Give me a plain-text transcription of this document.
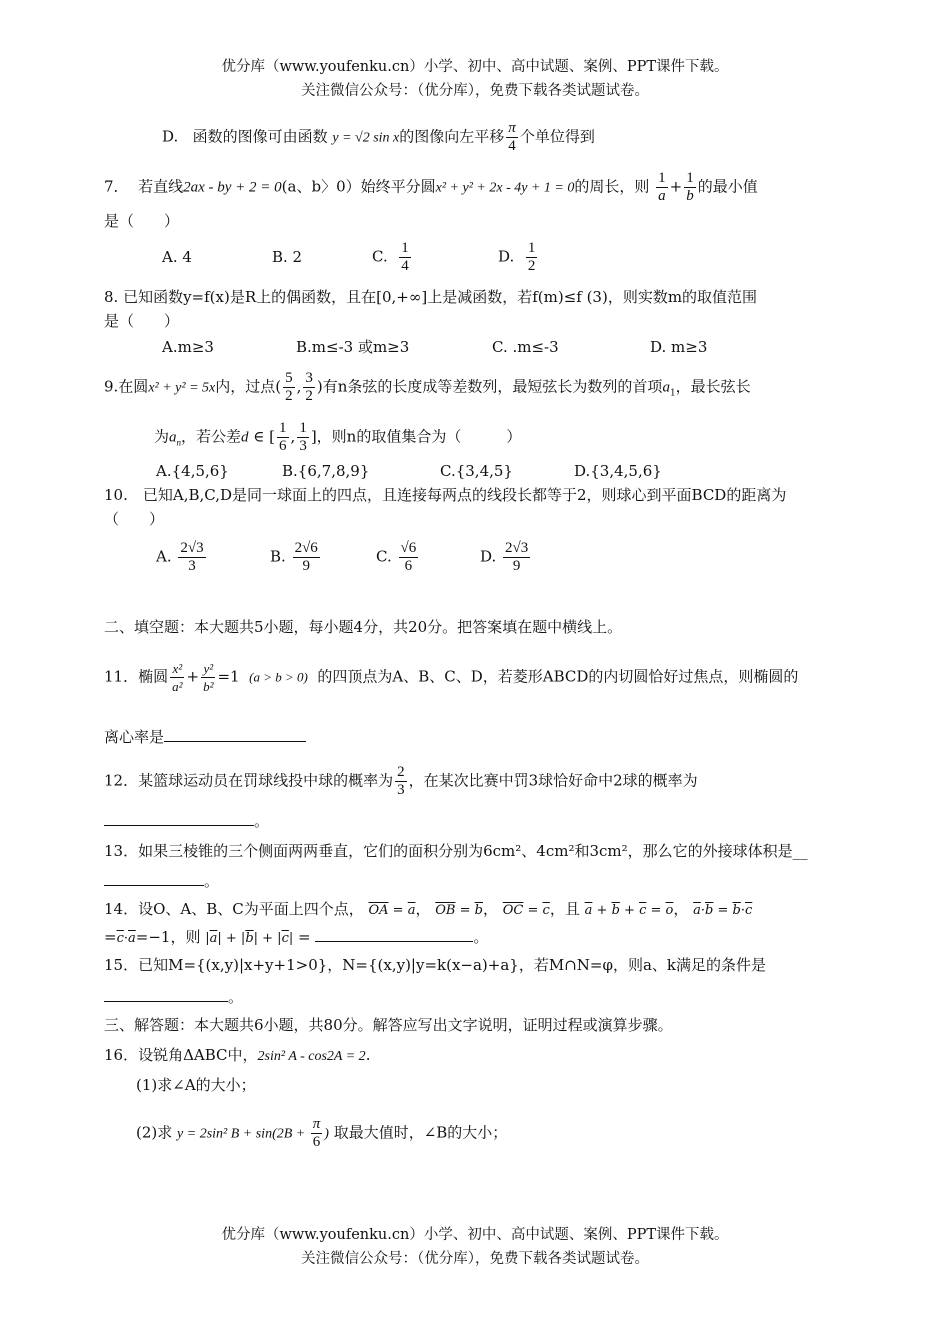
优分库（www.youfenku.cn）小学、初中、高中试题、案例、PPT课件下载。
关注微信公众号：（优分库），免费下载各类试题试卷。
D. 函数的图像可由函数 y = √2 sin x的图像向左平移 $\frac{\pi}{4}$ 个单位得到
7． 若直线2ax - by + 2 = 0(a、b〉0）始终平分圆x² + y² + 2x - 4y + 1 = 0的周长，则 $\frac{1}{a} + \frac{1}{b}$ 的最小值
是（　　）
A. 4	B. 2	C. $\frac{1}{4}$	D. $\frac{1}{2}$
8. 已知函数y=f(x)是R上的偶函数，且在[0,+∞]上是减函数，若f(m)≤f (3)，则实数m的取值范围
是（　　）
A.m≥3	B.m≤-3 或m≥3	C. .m≤-3	D. m≥3
9.在圆x² + y² = 5x内，过点( $\frac{5}{2}$ , $\frac{3}{2}$ )有n条弦的长度成等差数列，最短弦长为数列的首项$a_1$，最长弦长
为$a_n$，若公差d ∈ [ $\frac{1}{6}$ , $\frac{1}{3}$ ]，则n的取值集合为（　　　）
A.{4,5,6}	B.{6,7,8,9}	C.{3,4,5}	D.{3,4,5,6}
10.　已知A,B,C,D是同一球面上的四点，且连接每两点的线段长都等于2，则球心到平面BCD的距离为
（　　）
A. $\frac{2√3}{3}$	B. $\frac{2√6}{9}$	C. $\frac{√6}{6}$	D. $\frac{2√3}{9}$
二、填空题：本大题共5小题，每小题4分，共20分。把答案填在题中横线上。
11．椭圆 $\frac{\text{x²}}{\text{a²}} + \frac{\text{y²}}{\text{b²}} =1$  (a > b > 0) 的四顶点为A、B、C、D，若菱形ABCD的内切圆恰好过焦点，则椭圆的
离心率是
12．某篮球运动员在罚球线投中球的概率为 $\frac{2}{3}$ ，在某次比赛中罚3球恰好命中2球的概率为
。
13．如果三棱锥的三个侧面两两垂直，它们的面积分别为6cm²、4cm²和3cm²，那么它的外接球体积是__
。
14．设O、A、B、C为平面上四个点， $\overline{OA} = \overline{a}$， $\overline{OB} = \overline{b}$， $\overline{OC} = \overline{c}$，且 $\overline{a} + \overline{b} + \overline{c} = \overline{o}$， $\overline{a}\cdot\overline{b} = \overline{b}\cdot\overline{c}$
$=\overline{c}\cdot\overline{a}=-1$，则 $|\overline{a}| + |\overline{b}| + |\overline{c}|$ =	。
15．已知M={(x,y)|x+y+1>0}，N={(x,y)|y=k(x−a)+a}，若M∩N=φ，则a、k满足的条件是
。
三、解答题：本大题共6小题，共80分。解答应写出文字说明，证明过程或演算步骤。
16．设锐角ΔABC中，2sin² A - cos2A = 2.
(1)求∠A的大小；
(2)求 y = 2sin² $B + \sin(2B + \frac{\pi}{6}$ ) 取最大值时，∠B的大小；
优分库（www.youfenku.cn）小学、初中、高中试题、案例、PPT课件下载。
关注微信公众号：（优分库），免费下载各类试题试卷。
